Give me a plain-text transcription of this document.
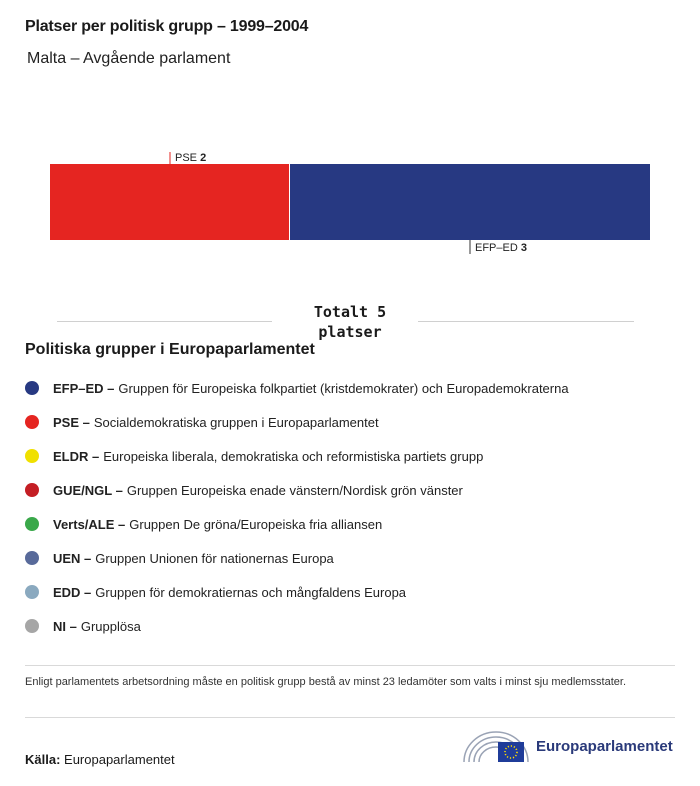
Platser per politisk grupp – 1999–2004
Malta – Avgående parlament
PSE 2
EFP–ED 3
Totalt 5
platser
Politiska grupper i Europaparlamentet
EFP–ED – Gruppen för Europeiska folkpartiet (kristdemokrater) och Europademokraterna
PSE – Socialdemokratiska gruppen i Europaparlamentet
ELDR – Europeiska liberala, demokratiska och reformistiska partiets grupp
GUE/NGL – Gruppen Europeiska enade vänstern/Nordisk grön vänster
Verts/ALE – Gruppen De gröna/Europeiska fria alliansen
UEN – Gruppen Unionen för nationernas Europa
EDD – Gruppen för demokratiernas och mångfaldens Europa
NI – Grupplösa
Enligt parlamentets arbetsordning måste en politisk grupp bestå av minst 23 ledamöter som valts i minst sju medlemsstater.
Källa: Europaparlamentet
Europaparlamentet
